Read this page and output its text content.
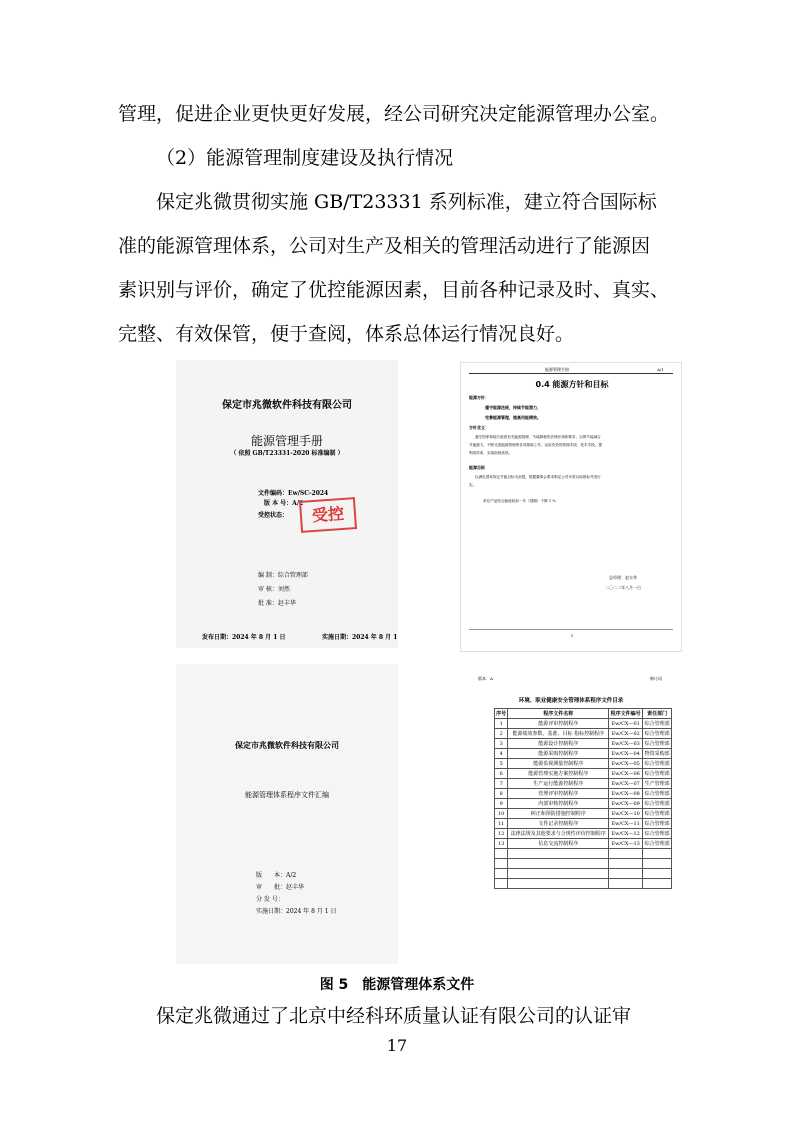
管理，促进企业更快更好发展，经公司研究决定能源管理办公室。

（2）能源管理制度建设及执行情况

保定兆微贯彻实施 GB/T23331 系列标准，建立符合国际标
准的能源管理体系，公司对生产及相关的管理活动进行了能源因
素识别与评价，确定了优控能源因素，目前各种记录及时、真实、
完整、有效保管，便于查阅，体系总体运行情况良好。

保定市兆微软件科技有限公司
能源管理手册
（ 依照 GB/T23331-2020 标准编制 ）
文件编码：Ew/SC-2024
版 本 号：A/2
受控状态：	受控
编 制：综合管理部
审 核：刘然
批 准：赵丰华
发布日期：2024 年 8 月 1 日	实施日期：2024 年 8 月 1
能源管理手册	A/1
0.4 能源方针和目标
能源方针：
遵守能源法规，持续节能潜力，
完善能源管理，提高用能绩效。
方针含义：
遵守国家和地方政府有关能源管理、节能降耗的法律法规和要求，以保节能减合
节能潜力，不断完善能源管理的各项基础工作，运用有效的管理手段、技术手段，提
利用效率，实现低耗高效。
能源目标
以满足国家规定节能目标为前提，根据董事会要求制定公司年度目标指标并进行
实。
单位产品综合能耗较前一年（基期）下降 1 %
总经理：赵丰华
二〇二二年八月一日
1
保定市兆微软件科技有限公司
能源管理体系程序文件汇编
版　　本：A/2
审　　批：赵丰华
分 发 号：
实施日期：2024 年 8 月 1 日
版本：A	修订码
环境、职业健康安全管理体系程序文件目录
序号	程序文件名称	程序文件编号	责任部门
1	能源评审控制程序	Ew/CX—01	综合管理部
2	能源绩效参数、基准、目标 指标控制程序	Ew/CX—02	综合管理部
3	能源设计控制程序	Ew/CX—03	综合管理部
4	能源采购控制程序	Ew/CX—04	物资采购部
5	能源监视测量控制程序	Ew/CX—05	综合管理部
6	能源管理实施方案控制程序	Ew/CX—06	综合管理部
7	生产运行能源控制程序	Ew/CX—07	生产管理部
8	管理评审控制程序	Ew/CX—08	综合管理部
9	内部审核控制程序	Ew/CX—09	综合管理部
10	纠正和预防措施控制程序	Ew/CX—10	综合管理部
11	文件记录控制程序	Ew/CX—11	综合管理部
12	法律法规及其他要求与合规性评价控制程序	Ew/CX—12	综合管理部
13	信息交流控制程序	Ew/CX—13	综合管理部

图 5　能源管理体系文件

保定兆微通过了北京中经科环质量认证有限公司的认证审

17
